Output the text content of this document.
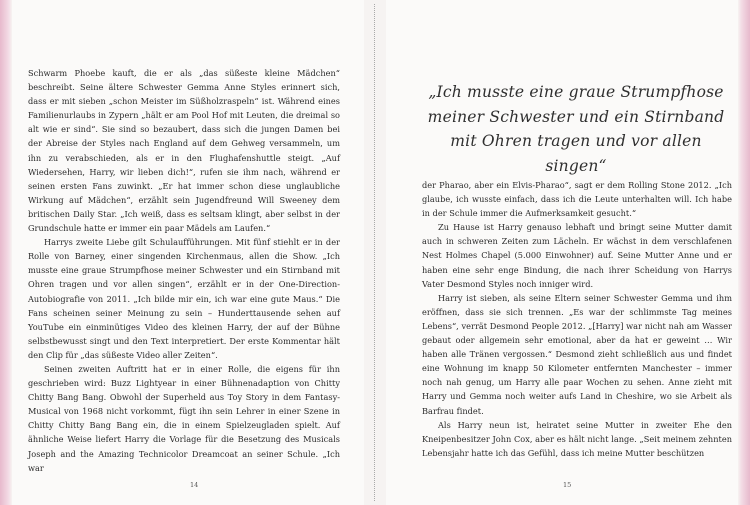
Schwarm Phoebe kauft, die er als „das süßeste kleine Mädchen“ beschreibt. Seine ältere Schwester Gemma Anne Styles erinnert sich, dass er mit sieben „schon Meister im Süßholzraspeln“ ist. Während eines Familienurlaubs in Zypern „hält er am Pool Hof mit Leuten, die dreimal so alt wie er sind“. Sie sind so bezaubert, dass sich die jungen Damen bei der Abreise der Styles nach England auf dem Gehweg versammeln, um ihn zu verabschieden, als er in den Flughafenshuttle steigt. „Auf Wiedersehen, Harry, wir lieben dich!“, rufen sie ihm nach, während er seinen ersten Fans zuwinkt. „Er hat immer schon diese unglaubliche Wirkung auf Mädchen“, erzählt sein Jugendfreund Will Sweeney dem britischen Daily Star. „Ich weiß, dass es seltsam klingt, aber selbst in der Grundschule hatte er immer ein paar Mädels am Laufen.“

Harrys zweite Liebe gilt Schulaufführungen. Mit fünf stiehlt er in der Rolle von Barney, einer singenden Kirchenmaus, allen die Show. „Ich musste eine graue Strumpfhose meiner Schwester und ein Stirnband mit Ohren tragen und vor allen singen“, erzählt er in der One-Direction-Autobiografie von 2011. „Ich bilde mir ein, ich war eine gute Maus.“ Die Fans scheinen seiner Meinung zu sein – Hunderttausende sehen auf YouTube ein einminütiges Video des kleinen Harry, der auf der Bühne selbstbewusst singt und den Text interpretiert. Der erste Kommentar hält den Clip für „das süßeste Video aller Zeiten“.

Seinen zweiten Auftritt hat er in einer Rolle, die eigens für ihn geschrieben wird: Buzz Lightyear in einer Bühnenadaption von Chitty Chitty Bang Bang. Obwohl der Superheld aus Toy Story in dem Fantasy-Musical von 1968 nicht vorkommt, fügt ihn sein Lehrer in einer Szene in Chitty Chitty Bang Bang ein, die in einem Spielzeugladen spielt. Auf ähnliche Weise liefert Harry die Vorlage für die Besetzung des Musicals Joseph and the Amazing Technicolor Dreamcoat an seiner Schule. „Ich war

14
„Ich musste eine graue Strumpfhose meiner Schwester und ein Stirnband mit Ohren tragen und vor allen singen“

der Pharao, aber ein Elvis-Pharao“, sagt er dem Rolling Stone 2012. „Ich glaube, ich wusste einfach, dass ich die Leute unterhalten will. Ich habe in der Schule immer die Aufmerksamkeit gesucht.“

Zu Hause ist Harry genauso lebhaft und bringt seine Mutter damit auch in schweren Zeiten zum Lächeln. Er wächst in dem verschlafenen Nest Holmes Chapel (5.000 Einwohner) auf. Seine Mutter Anne und er haben eine sehr enge Bindung, die nach ihrer Scheidung von Harrys Vater Desmond Styles noch inniger wird.

Harry ist sieben, als seine Eltern seiner Schwester Gemma und ihm eröffnen, dass sie sich trennen. „Es war der schlimmste Tag meines Lebens“, verrät Desmond People 2012. „[Harry] war nicht nah am Wasser gebaut oder allgemein sehr emotional, aber da hat er geweint … Wir haben alle Tränen vergossen.“ Desmond zieht schließlich aus und findet eine Wohnung im knapp 50 Kilometer entfernten Manchester – immer noch nah genug, um Harry alle paar Wochen zu sehen. Anne zieht mit Harry und Gemma noch weiter aufs Land in Cheshire, wo sie Arbeit als Barfrau findet.

Als Harry neun ist, heiratet seine Mutter in zweiter Ehe den Kneipenbesitzer John Cox, aber es hält nicht lange. „Seit meinem zehnten Lebensjahr hatte ich das Gefühl, dass ich meine Mutter beschützen

15
